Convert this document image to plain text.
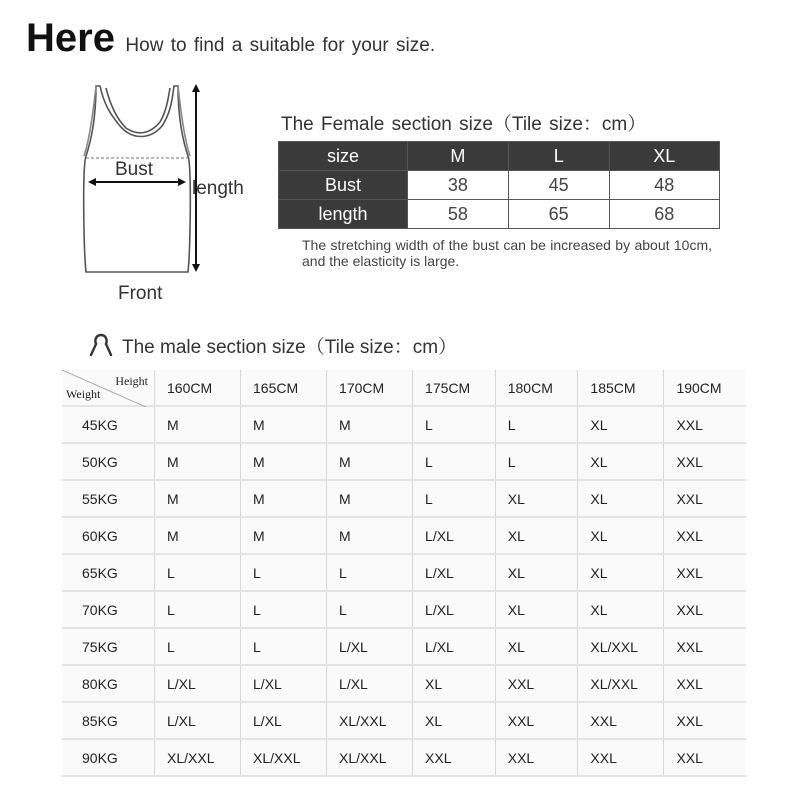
Here How to find a suitable for your size.
Bust
length
Front
The Female section size（Tile size：cm）
size	M	L	XL
Bust	38	45	48
length	58	65	68
The stretching width of the bust can be increased by about 10cm, and the elasticity is large.
The male section size（Tile size：cm）
Height
Weight	160CM	165CM	170CM	175CM	180CM	185CM	190CM
45KG	M	M	M	L	L	XL	XXL
50KG	M	M	M	L	L	XL	XXL
55KG	M	M	M	L	XL	XL	XXL
60KG	M	M	M	L/XL	XL	XL	XXL
65KG	L	L	L	L/XL	XL	XL	XXL
70KG	L	L	L	L/XL	XL	XL	XXL
75KG	L	L	L/XL	L/XL	XL	XL/XXL	XXL
80KG	L/XL	L/XL	L/XL	XL	XXL	XL/XXL	XXL
85KG	L/XL	L/XL	XL/XXL	XL	XXL	XXL	XXL
90KG	XL/XXL	XL/XXL	XL/XXL	XXL	XXL	XXL	XXL
